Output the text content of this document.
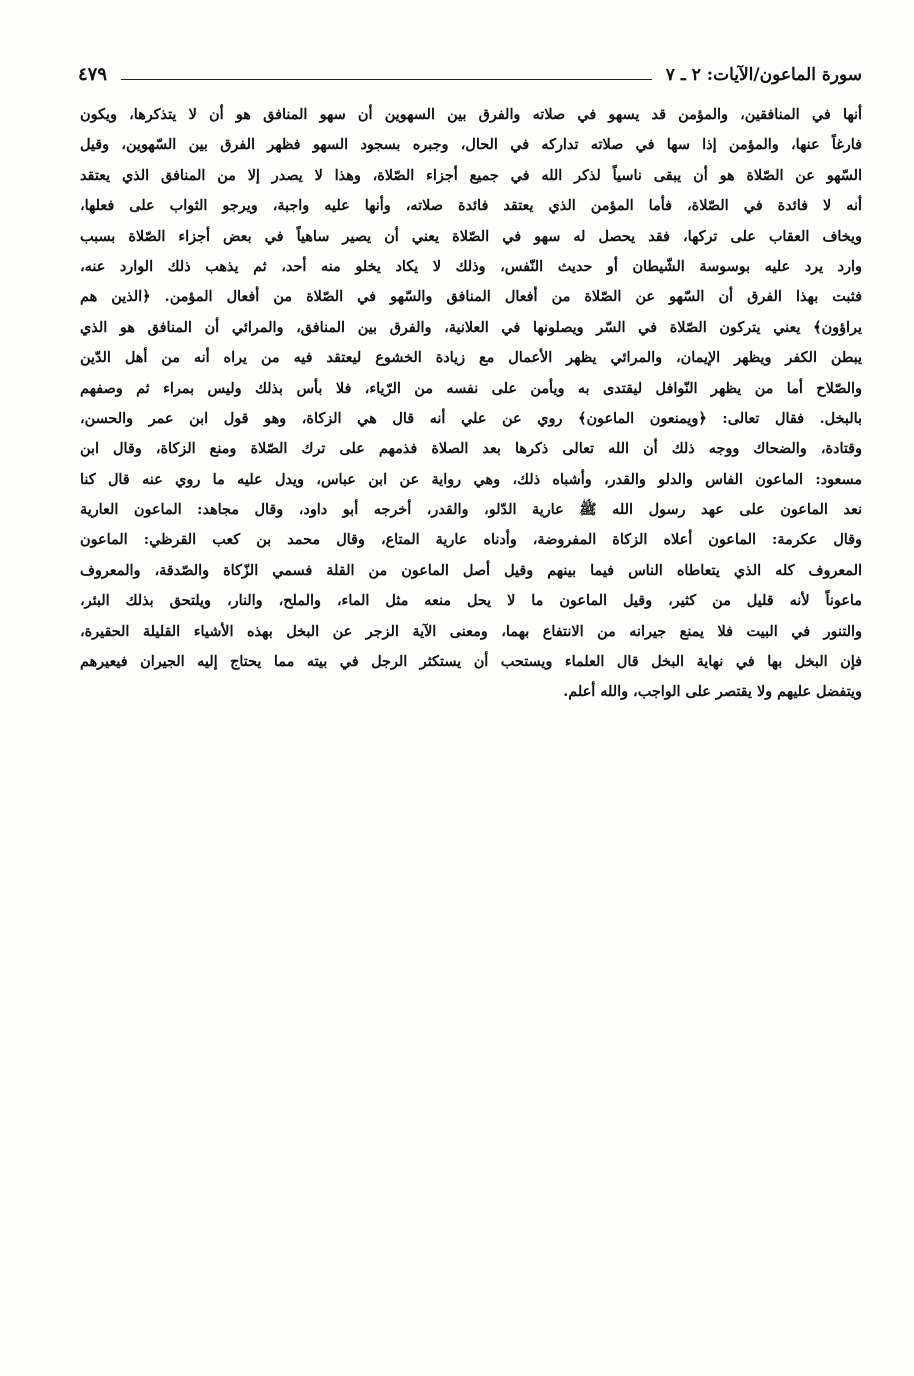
سورة الماعون/الآيات: ٢ ـ ٧
٤٧٩
أنها في المنافقين، والمؤمن قد يسهو في صلاته والفرق بين السهوين أن سهو المنافق هو أن لا يتذكرها، ويكون
فارغاً عنها، والمؤمن إذا سها في صلاته تداركه في الحال، وجبره بسجود السهو فظهر الفرق بين السّهوين، وقيل
السّهو عن الصّلاة هو أن يبقى ناسياً لذكر الله في جميع أجزاء الصّلاة، وهذا لا يصدر إلا من المنافق الذي يعتقد
أنه لا فائدة في الصّلاة، فأما المؤمن الذي يعتقد فائدة صلاته، وأنها عليه واجبة، ويرجو الثواب على فعلها،
ويخاف العقاب على تركها، فقد يحصل له سهو في الصّلاة يعني أن يصير ساهياً في بعض أجزاء الصّلاة بسبب
وارد يرد عليه بوسوسة الشّيطان أو حديث النّفس، وذلك لا يكاد يخلو منه أحد، ثم يذهب ذلك الوارد عنه،
فثبت بهذا الفرق أن السّهو عن الصّلاة من أفعال المنافق والسّهو في الصّلاة من أفعال المؤمن. ﴿الذين هم
يراؤون﴾ يعني يتركون الصّلاة في السّر ويصلونها في العلانية، والفرق بين المنافق، والمرائي أن المنافق هو الذي
يبطن الكفر ويظهر الإيمان، والمرائي يظهر الأعمال مع زيادة الخشوع ليعتقد فيه من يراه أنه من أهل الدّين
والصّلاح أما من يظهر النّوافل ليقتدى به ويأمن على نفسه من الرّياء، فلا بأس بذلك وليس بمراء ثم وصفهم
بالبخل. فقال تعالى: ﴿ويمنعون الماعون﴾ روي عن علي أنه قال هي الزكاة، وهو قول ابن عمر والحسن،
وقتادة، والضحاك ووجه ذلك أن الله تعالى ذكرها بعد الصلاة فذمهم على ترك الصّلاة ومنع الزكاة، وقال ابن
مسعود: الماعون الفاس والدلو والقدر، وأشباه ذلك، وهي رواية عن ابن عباس، ويدل عليه ما روي عنه قال كنا
نعد الماعون على عهد رسول الله ﷺ عارية الدّلو، والقدر، أخرجه أبو داود، وقال مجاهد: الماعون العارية
وقال عكرمة: الماعون أعلاه الزكاة المفروضة، وأدناه عارية المتاع، وقال محمد بن كعب القرظي: الماعون
المعروف كله الذي يتعاطاه الناس فيما بينهم وقيل أصل الماعون من القلة فسمي الزّكاة والصّدقة، والمعروف
ماعوناً لأنه قليل من كثير، وقيل الماعون ما لا يحل منعه مثل الماء، والملح، والنار، ويلتحق بذلك البئر،
والتنور في البيت فلا يمنع جيرانه من الانتفاع بهما، ومعنى الآية الزجر عن البخل بهذه الأشياء القليلة الحقيرة،
فإن البخل بها في نهاية البخل قال العلماء ويستحب أن يستكثر الرجل في بيته مما يحتاج إليه الجيران فيعيرهم
ويتفضل عليهم ولا يقتصر على الواجب، والله أعلم.
